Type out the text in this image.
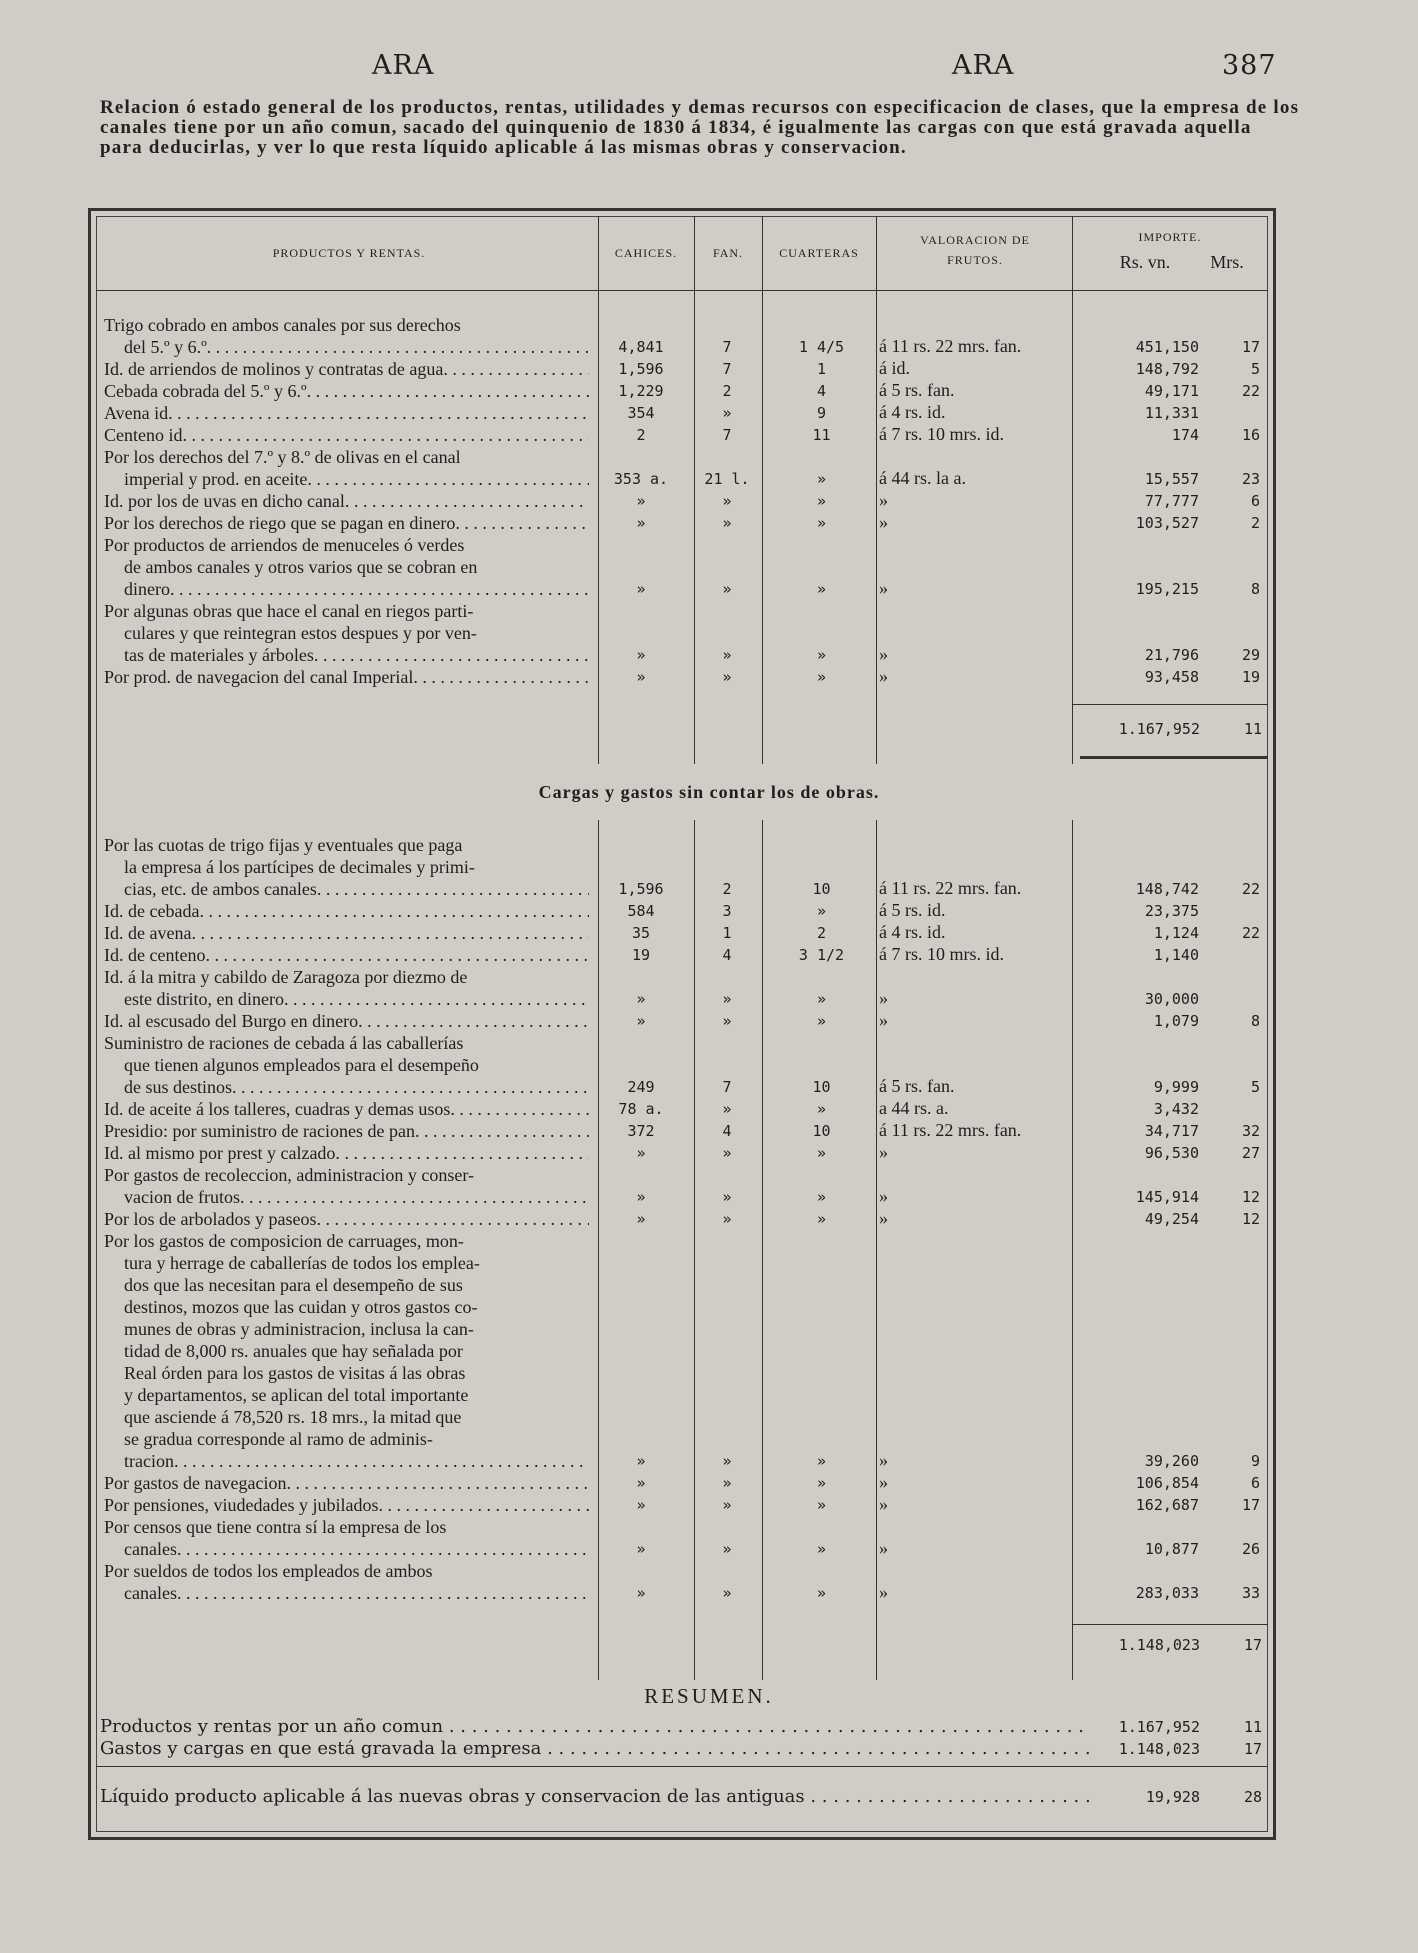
ARA	ARA	387
Relacion ó estado general de los productos, rentas, utilidades y demas recursos con especificacion de clases, que la empresa de los canales tiene por un año comun, sacado del quinquenio de 1830 á 1834, é igualmente las cargas con que está gravada aquella para deducirlas, y ver lo que resta líquido aplicable á las mismas obras y conservacion.
PRODUCTOS Y RENTAS.	CAHICES.	FAN.	CUARTERAS
VALORACION DE FRUTOS.
IMPORTE.
Rs. vn.	Mrs.
Trigo cobrado en ambos canales por sus derechos
del 5.º y 6.º. . . .	4,841	7	1 4/5	á 11 rs. 22 mrs. fan.	451,150	17
Id. de arriendos de molinos y contratas de agua. . . .	1,596	7	1	á id.	148,792	5
Cebada cobrada del 5.º y 6.º. . . .	1,229	2	4	á 5 rs. fan.	49,171	22
Avena id. . . .	354	»	9	á 4 rs. id.	11,331
Centeno id. . . .	2	7	11	á 7 rs. 10 mrs. id.	174	16
Por los derechos del 7.º y 8.º de olivas en el canal
imperial y prod. en aceite. . . .	353 a.	21 l.	»	á 44 rs. la a.	15,557	23
Id. por los de uvas en dicho canal. . . .	»	»	»	»	77,777	6
Por los derechos de riego que se pagan en dinero. . . .	»	»	»	»	103,527	2
Por productos de arriendos de menuceles ó verdes
de ambos canales y otros varios que se cobran en
dinero. . . .	»	»	»	»	195,215	8
Por algunas obras que hace el canal en riegos parti-
culares y que reintegran estos despues y por ven-
tas de materiales y árboles. . . .	»	»	»	»	21,796	29
Por prod. de navegacion del canal Imperial. . . .	»	»	»	»	93,458	19
1.167,952	11
Cargas y gastos sin contar los de obras.
Por las cuotas de trigo fijas y eventuales que paga
la empresa á los partícipes de decimales y primi-
cias, etc. de ambos canales. . . .	1,596	2	10	á 11 rs. 22 mrs. fan.	148,742	22
Id. de cebada. . . .	584	3	»	á 5 rs. id.	23,375
Id. de avena. . . .	35	1	2	á 4 rs. id.	1,124	22
Id. de centeno. . . .	19	4	3 1/2	á 7 rs. 10 mrs. id.	1,140
Id. á la mitra y cabildo de Zaragoza por diezmo de
este distrito, en dinero. . . .	»	»	»	»	30,000
Id. al escusado del Burgo en dinero. . . .	»	»	»	»	1,079	8
Suministro de raciones de cebada á las caballerías
que tienen algunos empleados para el desempeño
de sus destinos. . . .	249	7	10	á 5 rs. fan.	9,999	5
Id. de aceite á los talleres, cuadras y demas usos. . . .	78 a.	»	»	a 44 rs. a.	3,432
Presidio: por suministro de raciones de pan. . . .	372	4	10	á 11 rs. 22 mrs. fan.	34,717	32
Id. al mismo por prest y calzado. . . .	»	»	»	»	96,530	27
Por gastos de recoleccion, administracion y conser-
vacion de frutos. . . .	»	»	»	»	145,914	12
Por los de arbolados y paseos. . . .	»	»	»	»	49,254	12
Por los gastos de composicion de carruages, mon-
tura y herrage de caballerías de todos los emplea-
dos que las necesitan para el desempeño de sus
destinos, mozos que las cuidan y otros gastos co-
munes de obras y administracion, inclusa la can-
tidad de 8,000 rs. anuales que hay señalada por
Real órden para los gastos de visitas á las obras
y departamentos, se aplican del total importante
que asciende á 78,520 rs. 18 mrs., la mitad que
se gradua corresponde al ramo de adminis-
tracion. . . .	»	»	»	»	39,260	9
Por gastos de navegacion. . . .	»	»	»	»	106,854	6
Por pensiones, viudedades y jubilados. . . .	»	»	»	»	162,687	17
Por censos que tiene contra sí la empresa de los
canales. . . .	»	»	»	»	10,877	26
Por sueldos de todos los empleados de ambos
canales. . . .	»	»	»	»	283,033	33
1.148,023	17
RESUMEN.
Productos y rentas por un año comun . . .	1.167,952	11
Gastos y cargas en que está gravada la empresa . . .	1.148,023	17
Líquido producto aplicable á las nuevas obras y conservacion de las antiguas . . .	19,928	28
